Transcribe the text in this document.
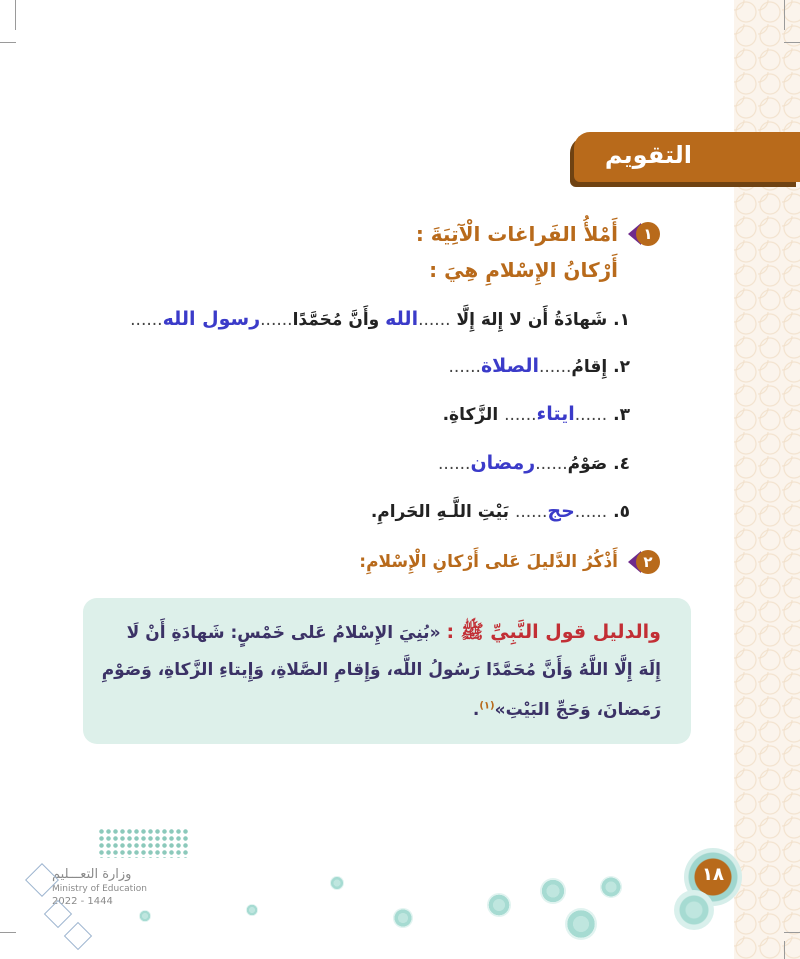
التقويم
١
أَمْلأُ الفَراغات الْآتِيَةَ :
أَرْكانُ الإِسْلامِ هِيَ :
١. شَهادَةُ أَن لا إِلهَ إِلَّا ......الله وأَنَّ مُحَمَّدًا......رسول الله......
٢. إِقامُ......الصلاة......
٣. ......ايتاء...... الزَّكاةِ.
٤. صَوْمُ......رمضان......
٥. ......حج...... بَيْتِ اللَّـهِ الحَرامِ.
٢
أَذْكُرُ الدَّليلَ عَلى أَرْكانِ الْإِسْلامِ:
والدليل قول النَّبِيِّ ﷺ : «بُنِيَ الإِسْلامُ عَلى خَمْسٍ: شَهادَةِ أَنْ لَا
إِلَهَ إِلَّا اللَّهُ وَأَنَّ مُحَمَّدًا رَسُولُ اللَّه، وَإِقامِ الصَّلاةِ، وَإِيتاءِ الزَّكاةِ، وَصَوْمِ
رَمَضانَ، وَحَجِّ البَيْتِ»$^{(١)}$.
١٨
وزارة التعـــليم
Ministry of Education
2022 - 1444
